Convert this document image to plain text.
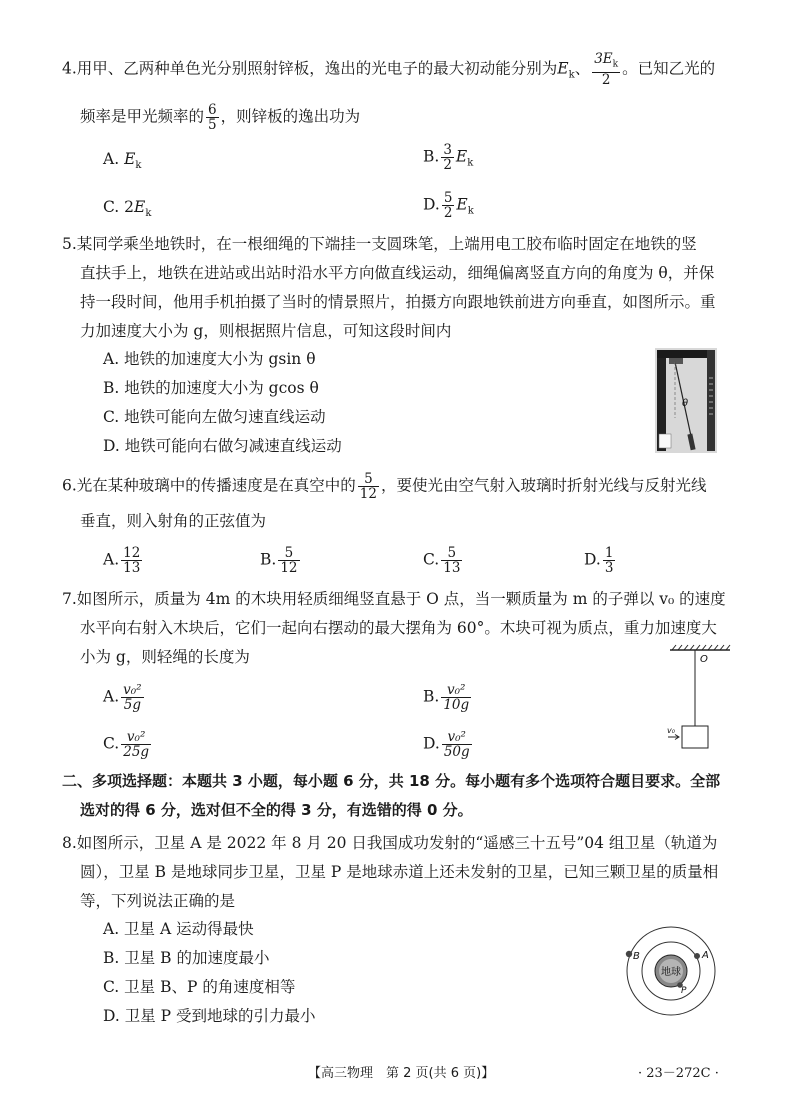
4.用甲、乙两种单色光分别照射锌板，逸出的光电子的最大初动能分别为$E_k$、 $\frac{3E_k}{2}$ 。已知乙光的
频率是甲光频率的 $\frac{6}{5}$ ，则锌板的逸出功为
A. $E_k$
B. $\frac{3}{2} E_k$
C. $2E_k$
D. $\frac{5}{2} E_k$
5.某同学乘坐地铁时，在一根细绳的下端挂一支圆珠笔，上端用电工胶布临时固定在地铁的竖
直扶手上，地铁在进站或出站时沿水平方向做直线运动，细绳偏离竖直方向的角度为 θ，并保
持一段时间，他用手机拍摄了当时的情景照片，拍摄方向跟地铁前进方向垂直，如图所示。重
力加速度大小为 g，则根据照片信息，可知这段时间内
A. 地铁的加速度大小为 gsin θ
B. 地铁的加速度大小为 gcos θ
C. 地铁可能向左做匀速直线运动
D. 地铁可能向右做匀减速直线运动
θ
6.光在某种玻璃中的传播速度是在真空中的 $\frac{5}{12}$ ，要使光由空气射入玻璃时折射光线与反射光线
垂直，则入射角的正弦值为
A. $\frac{12}{13}$	B. $\frac{5}{12}$	C. $\frac{5}{13}$	D. $\frac{1}{3}$
7.如图所示，质量为 4m 的木块用轻质细绳竖直悬于 O 点，当一颗质量为 m 的子弹以 v₀ 的速度
水平向右射入木块后，它们一起向右摆动的最大摆角为 60°。木块可视为质点，重力加速度大
小为 g，则轻绳的长度为
A. $\frac{\text{v₀²}}{5g}$	B. $\frac{\text{v₀²}}{10g}$
C. $\frac{\text{v₀²}}{25g}$	D. $\frac{\text{v₀²}}{50g}$
O
v₀
二、多项选择题：本题共 3 小题，每小题 6 分，共 18 分。每小题有多个选项符合题目要求。全部
选对的得 6 分，选对但不全的得 3 分，有选错的得 0 分。
8.如图所示，卫星 A 是 2022 年 8 月 20 日我国成功发射的“遥感三十五号”04 组卫星（轨道为
圆），卫星 B 是地球同步卫星，卫星 P 是地球赤道上还未发射的卫星，已知三颗卫星的质量相
等，下列说法正确的是
A. 卫星 A 运动得最快
B. 卫星 B 的加速度最小
C. 卫星 B、P 的角速度相等
D. 卫星 P 受到地球的引力最小
地球
B	A
P
【高三物理　第 2 页(共 6 页)】	· 23－272C ·
